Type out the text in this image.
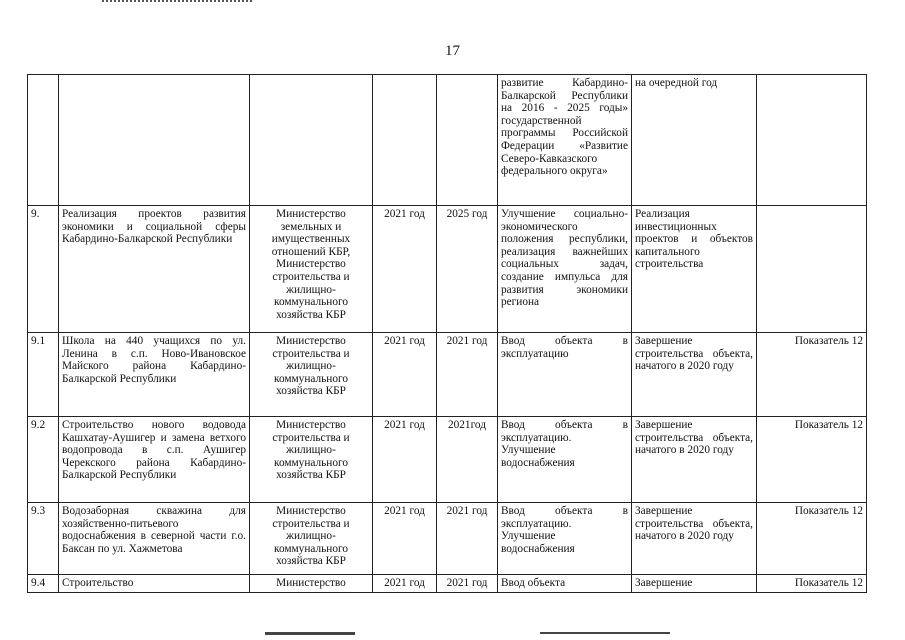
17
					развитие Кабардино-Балкарской Республики на 2016 - 2025 годы» государственной программы Российской Федерации «Развитие Северо-Кавказского федерального округа»	на очередной год	
9.	Реализация проектов развития экономики и социальной сферы Кабардино-Балкарской Республики	Министерство земельных и имущественных отношений КБР, Министерство строительства и жилищно-коммунального хозяйства КБР	2021 год	2025 год	Улучшение социально-экономического положения республики, реализация важнейших социальных задач, создание импульса для развития экономики региона	Реализация инвестиционных проектов и объектов капитального строительства	
9.1	Школа на 440 учащихся по ул. Ленина в с.п. Ново-Ивановское Майского района Кабардино-Балкарской Республики	Министерство строительства и жилищно-коммунального хозяйства КБР	2021 год	2021 год	Ввод объекта в эксплуатацию	Завершение строительства объекта, начатого в 2020 году	Показатель 12
9.2	Строительство нового водовода Кашхатау-Аушигер и замена ветхого водопровода в с.п. Аушигер Черекского района Кабардино-Балкарской Республики	Министерство строительства и жилищно-коммунального хозяйства КБР	2021 год	2021год	Ввод объекта в эксплуатацию. Улучшение водоснабжения	Завершение строительства объекта, начатого в 2020 году	Показатель 12
9.3	Водозаборная скважина для хозяйственно-питьевого водоснабжения в северной части г.о. Баксан по ул. Хажметова	Министерство строительства и жилищно-коммунального хозяйства КБР	2021 год	2021 год	Ввод объекта в эксплуатацию. Улучшение водоснабжения	Завершение строительства объекта, начатого в 2020 году	Показатель 12
9.4	Строительство	Министерство	2021 год	2021 год	Ввод объекта	Завершение	Показатель 12
